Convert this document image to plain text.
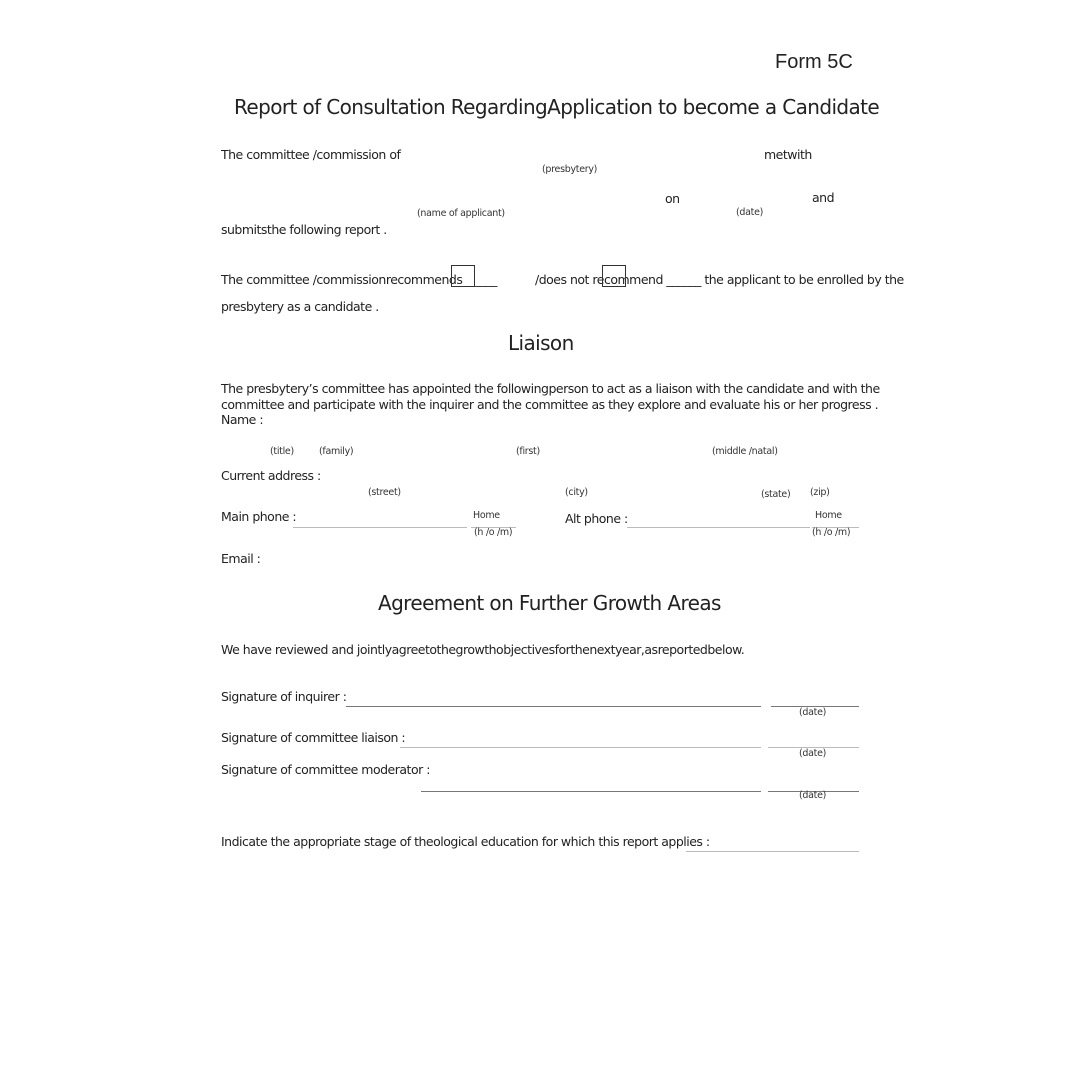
Form 5C
Report of Consultation RegardingApplication to become a Candidate
The committee /commission of	metwith
(presbytery)
on	and
(name of applicant)	(date)
submitsthe following report .
The committee /commissionrecommends______	/does not recommend ______ the applicant to be enrolled by the
presbytery as a candidate .
Liaison
The presbytery’s committee has appointed the followingperson to act as a liaison with the candidate and with the
committee and participate with the inquirer and the committee as they explore and evaluate his or her progress .
Name :
(title)	(family)	(first)	(middle /natal)
Current address :
(street)	(city)	(state) (zip)
Main phone :	Home
(h /o /m)
Alt phone :	Home
(h /o /m)
Email :
Agreement on Further Growth Areas
We have reviewed and jointlyagreetothegrowthobjectivesforthenextyear,asreportedbelow.
Signature of inquirer :
(date)
Signature of committee liaison :
(date)
Signature of committee moderator :
(date)
Indicate the appropriate stage of theological education for which this report applies :
